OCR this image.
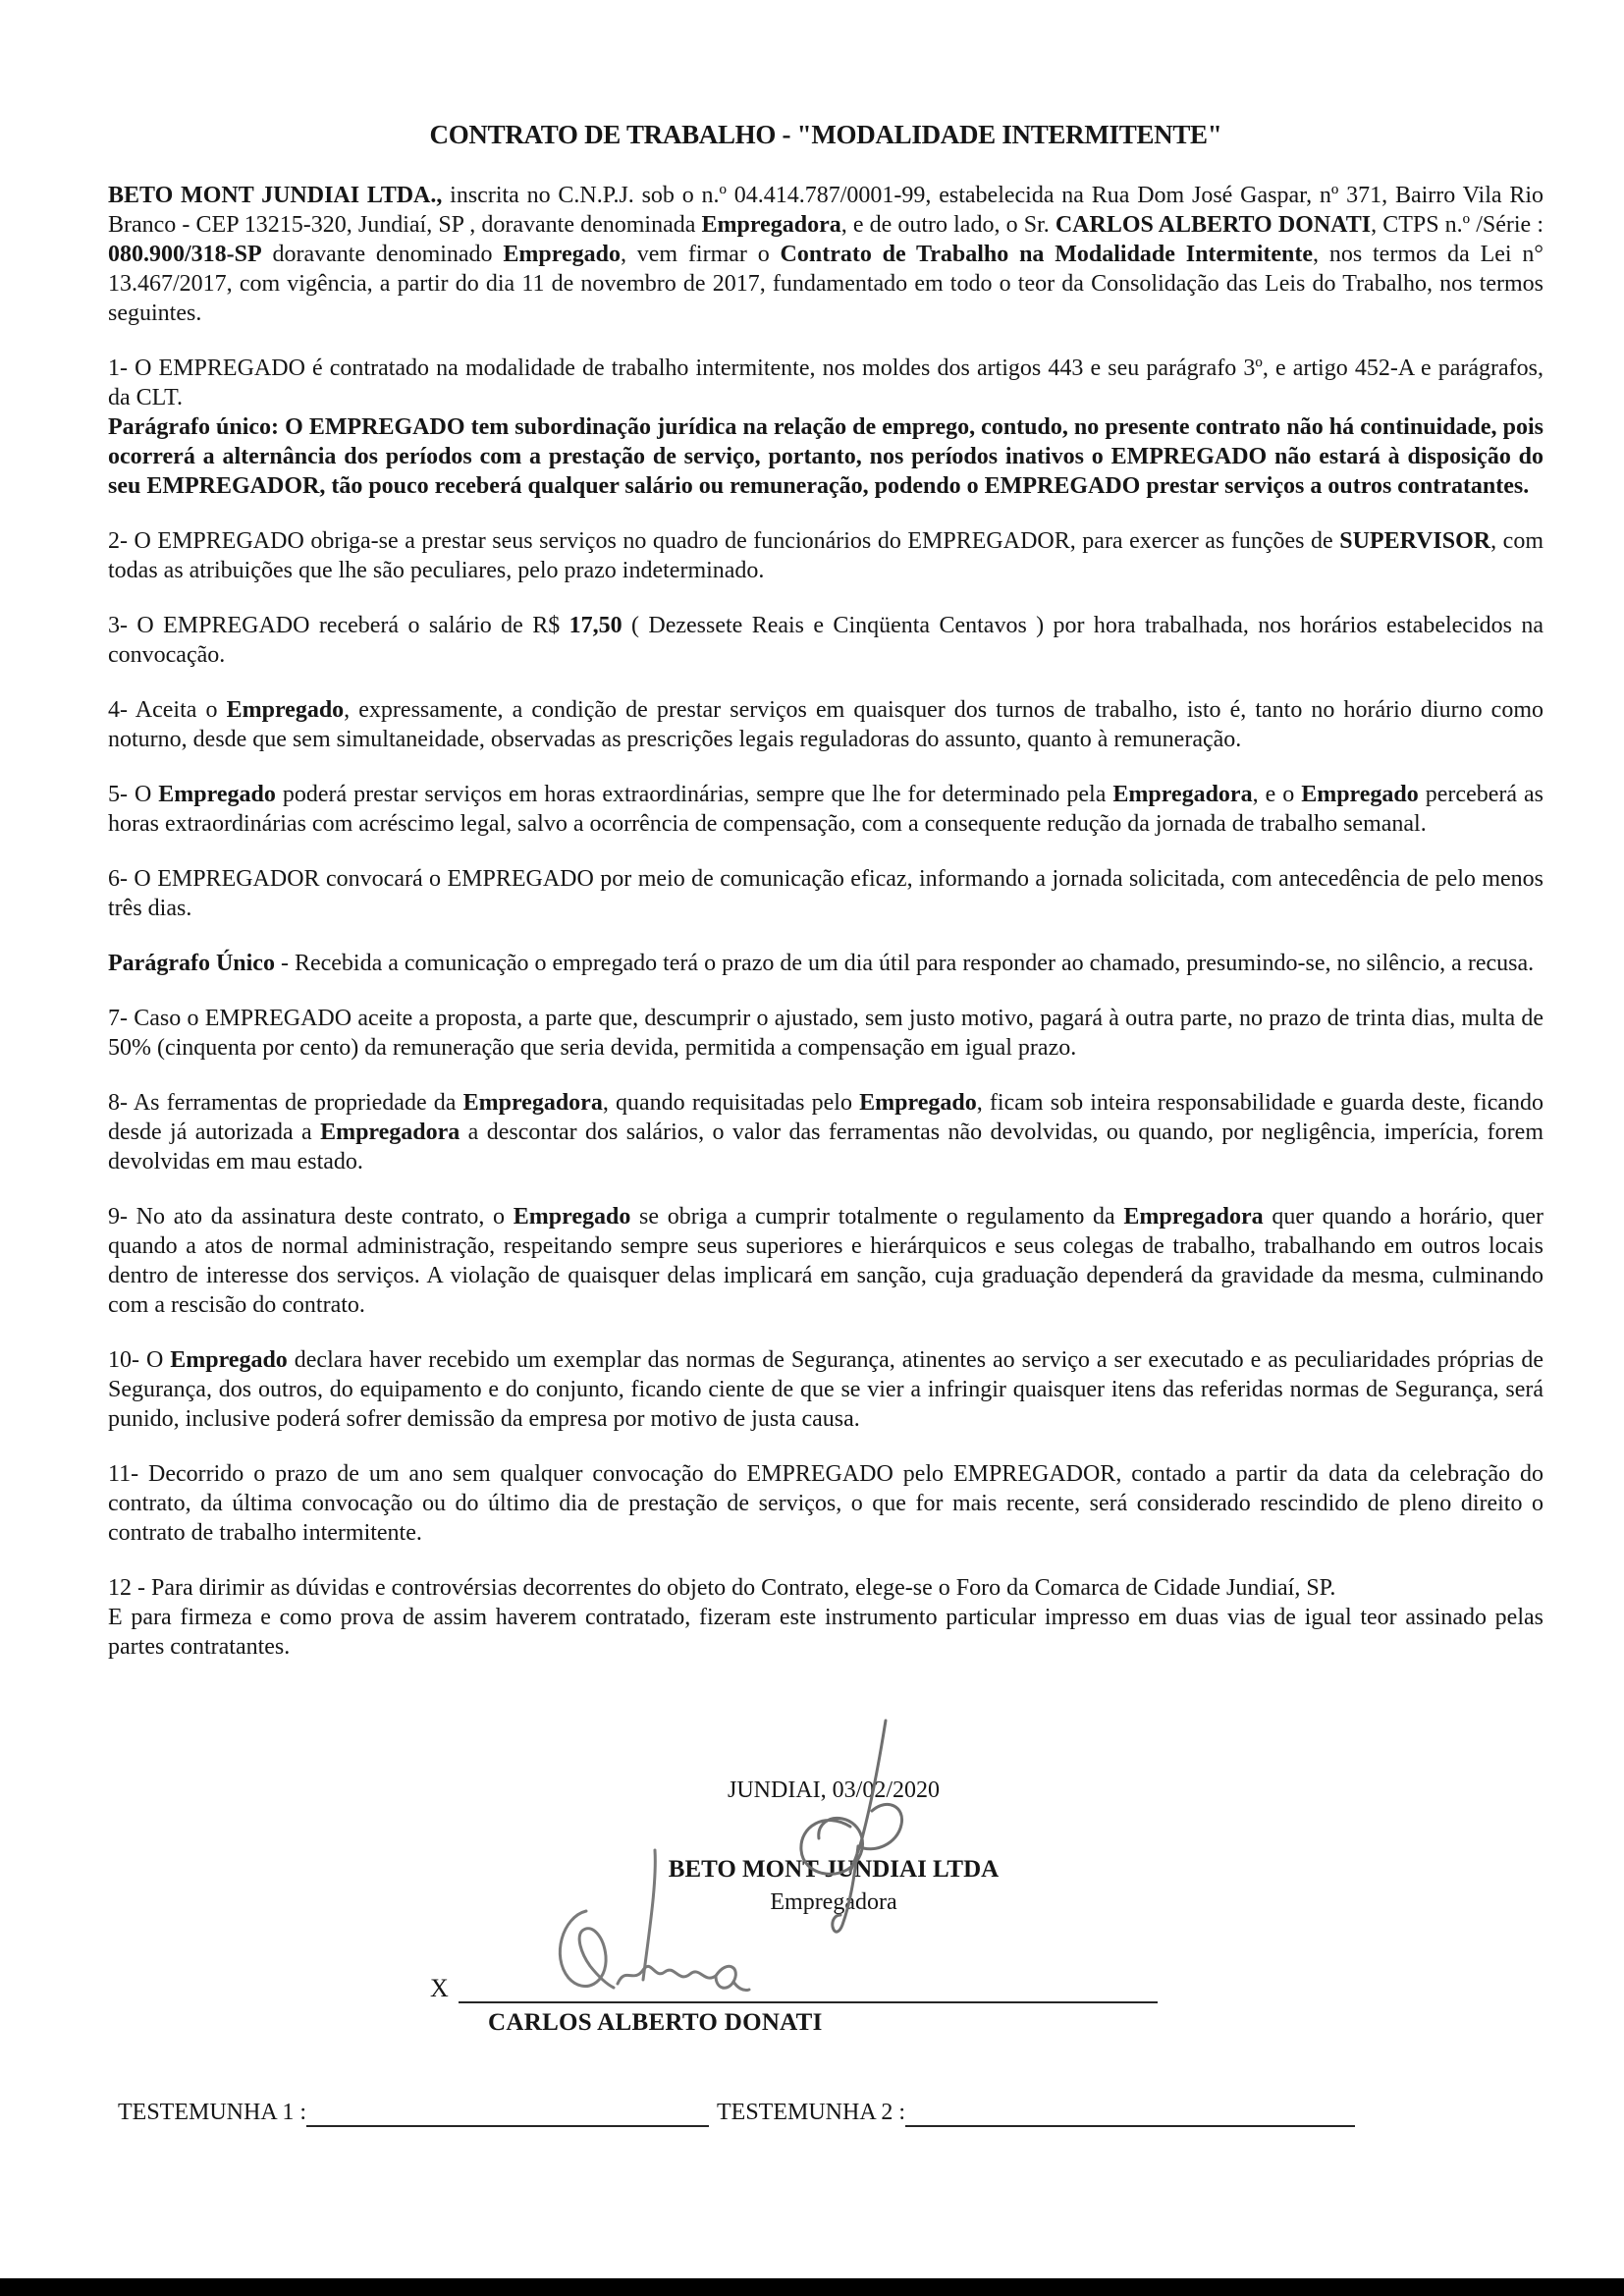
CONTRATO DE TRABALHO - "MODALIDADE INTERMITENTE"

BETO MONT JUNDIAI LTDA., inscrita no C.N.P.J. sob o n.º 04.414.787/0001-99, estabelecida na Rua Dom José Gaspar, nº 371, Bairro Vila Rio Branco - CEP 13215-320, Jundiaí, SP , doravante denominada Empregadora, e de outro lado, o Sr. CARLOS ALBERTO DONATI, CTPS n.º /Série : 080.900/318-SP doravante denominado Empregado, vem firmar o Contrato de Trabalho na Modalidade Intermitente, nos termos da Lei n° 13.467/2017, com vigência, a partir do dia 11 de novembro de 2017, fundamentado em todo o teor da Consolidação das Leis do Trabalho, nos termos seguintes.

1- O EMPREGADO é contratado na modalidade de trabalho intermitente, nos moldes dos artigos 443 e seu parágrafo 3º, e artigo 452-A e parágrafos, da CLT.

Parágrafo único: O EMPREGADO tem subordinação jurídica na relação de emprego, contudo, no presente contrato não há continuidade, pois ocorrerá a alternância dos períodos com a prestação de serviço, portanto, nos períodos inativos o EMPREGADO não estará à disposição do seu EMPREGADOR, tão pouco receberá qualquer salário ou remuneração, podendo o EMPREGADO prestar serviços a outros contratantes.

2- O EMPREGADO obriga-se a prestar seus serviços no quadro de funcionários do EMPREGADOR, para exercer as funções de SUPERVISOR, com todas as atribuições que lhe são peculiares, pelo prazo indeterminado.

3- O EMPREGADO receberá o salário de R$ 17,50 ( Dezessete Reais e Cinqüenta Centavos ) por hora trabalhada, nos horários estabelecidos na convocação.

4- Aceita o Empregado, expressamente, a condição de prestar serviços em quaisquer dos turnos de trabalho, isto é, tanto no horário diurno como noturno, desde que sem simultaneidade, observadas as prescrições legais reguladoras do assunto, quanto à remuneração.

5- O Empregado poderá prestar serviços em horas extraordinárias, sempre que lhe for determinado pela Empregadora, e o Empregado perceberá as horas extraordinárias com acréscimo legal, salvo a ocorrência de compensação, com a consequente redução da jornada de trabalho semanal.

6- O EMPREGADOR convocará o EMPREGADO por meio de comunicação eficaz, informando a jornada solicitada, com antecedência de pelo menos três dias.

Parágrafo Único - Recebida a comunicação o empregado terá o prazo de um dia útil para responder ao chamado, presumindo-se, no silêncio, a recusa.

7- Caso o EMPREGADO aceite a proposta, a parte que, descumprir o ajustado, sem justo motivo, pagará à outra parte, no prazo de trinta dias, multa de 50% (cinquenta por cento) da remuneração que seria devida, permitida a compensação em igual prazo.

8- As ferramentas de propriedade da Empregadora, quando requisitadas pelo Empregado, ficam sob inteira responsabilidade e guarda deste, ficando desde já autorizada a Empregadora a descontar dos salários, o valor das ferramentas não devolvidas, ou quando, por negligência, imperícia, forem devolvidas em mau estado.

9- No ato da assinatura deste contrato, o Empregado se obriga a cumprir totalmente o regulamento da Empregadora quer quando a horário, quer quando a atos de normal administração, respeitando sempre seus superiores e hierárquicos e seus colegas de trabalho, trabalhando em outros locais dentro de interesse dos serviços. A violação de quaisquer delas implicará em sanção, cuja graduação dependerá da gravidade da mesma, culminando com a rescisão do contrato.

10- O Empregado declara haver recebido um exemplar das normas de Segurança, atinentes ao serviço a ser executado e as peculiaridades próprias de Segurança, dos outros, do equipamento e do conjunto, ficando ciente de que se vier a infringir quaisquer itens das referidas normas de Segurança, será punido, inclusive poderá sofrer demissão da empresa por motivo de justa causa.

11- Decorrido o prazo de um ano sem qualquer convocação do EMPREGADO pelo EMPREGADOR, contado a partir da data da celebração do contrato, da última convocação ou do último dia de prestação de serviços, o que for mais recente, será considerado rescindido de pleno direito o contrato de trabalho intermitente.

12 - Para dirimir as dúvidas e controvérsias decorrentes do objeto do Contrato, elege-se o Foro da Comarca de Cidade Jundiaí, SP.

E para firmeza e como prova de assim haverem contratado, fizeram este instrumento particular impresso em duas vias de igual teor assinado pelas partes contratantes.

JUNDIAI, 03/02/2020
BETO MONT JUNDIAI LTDA
Empregadora
X
CARLOS ALBERTO DONATI
TESTEMUNHA 1 :	TESTEMUNHA 2 :
